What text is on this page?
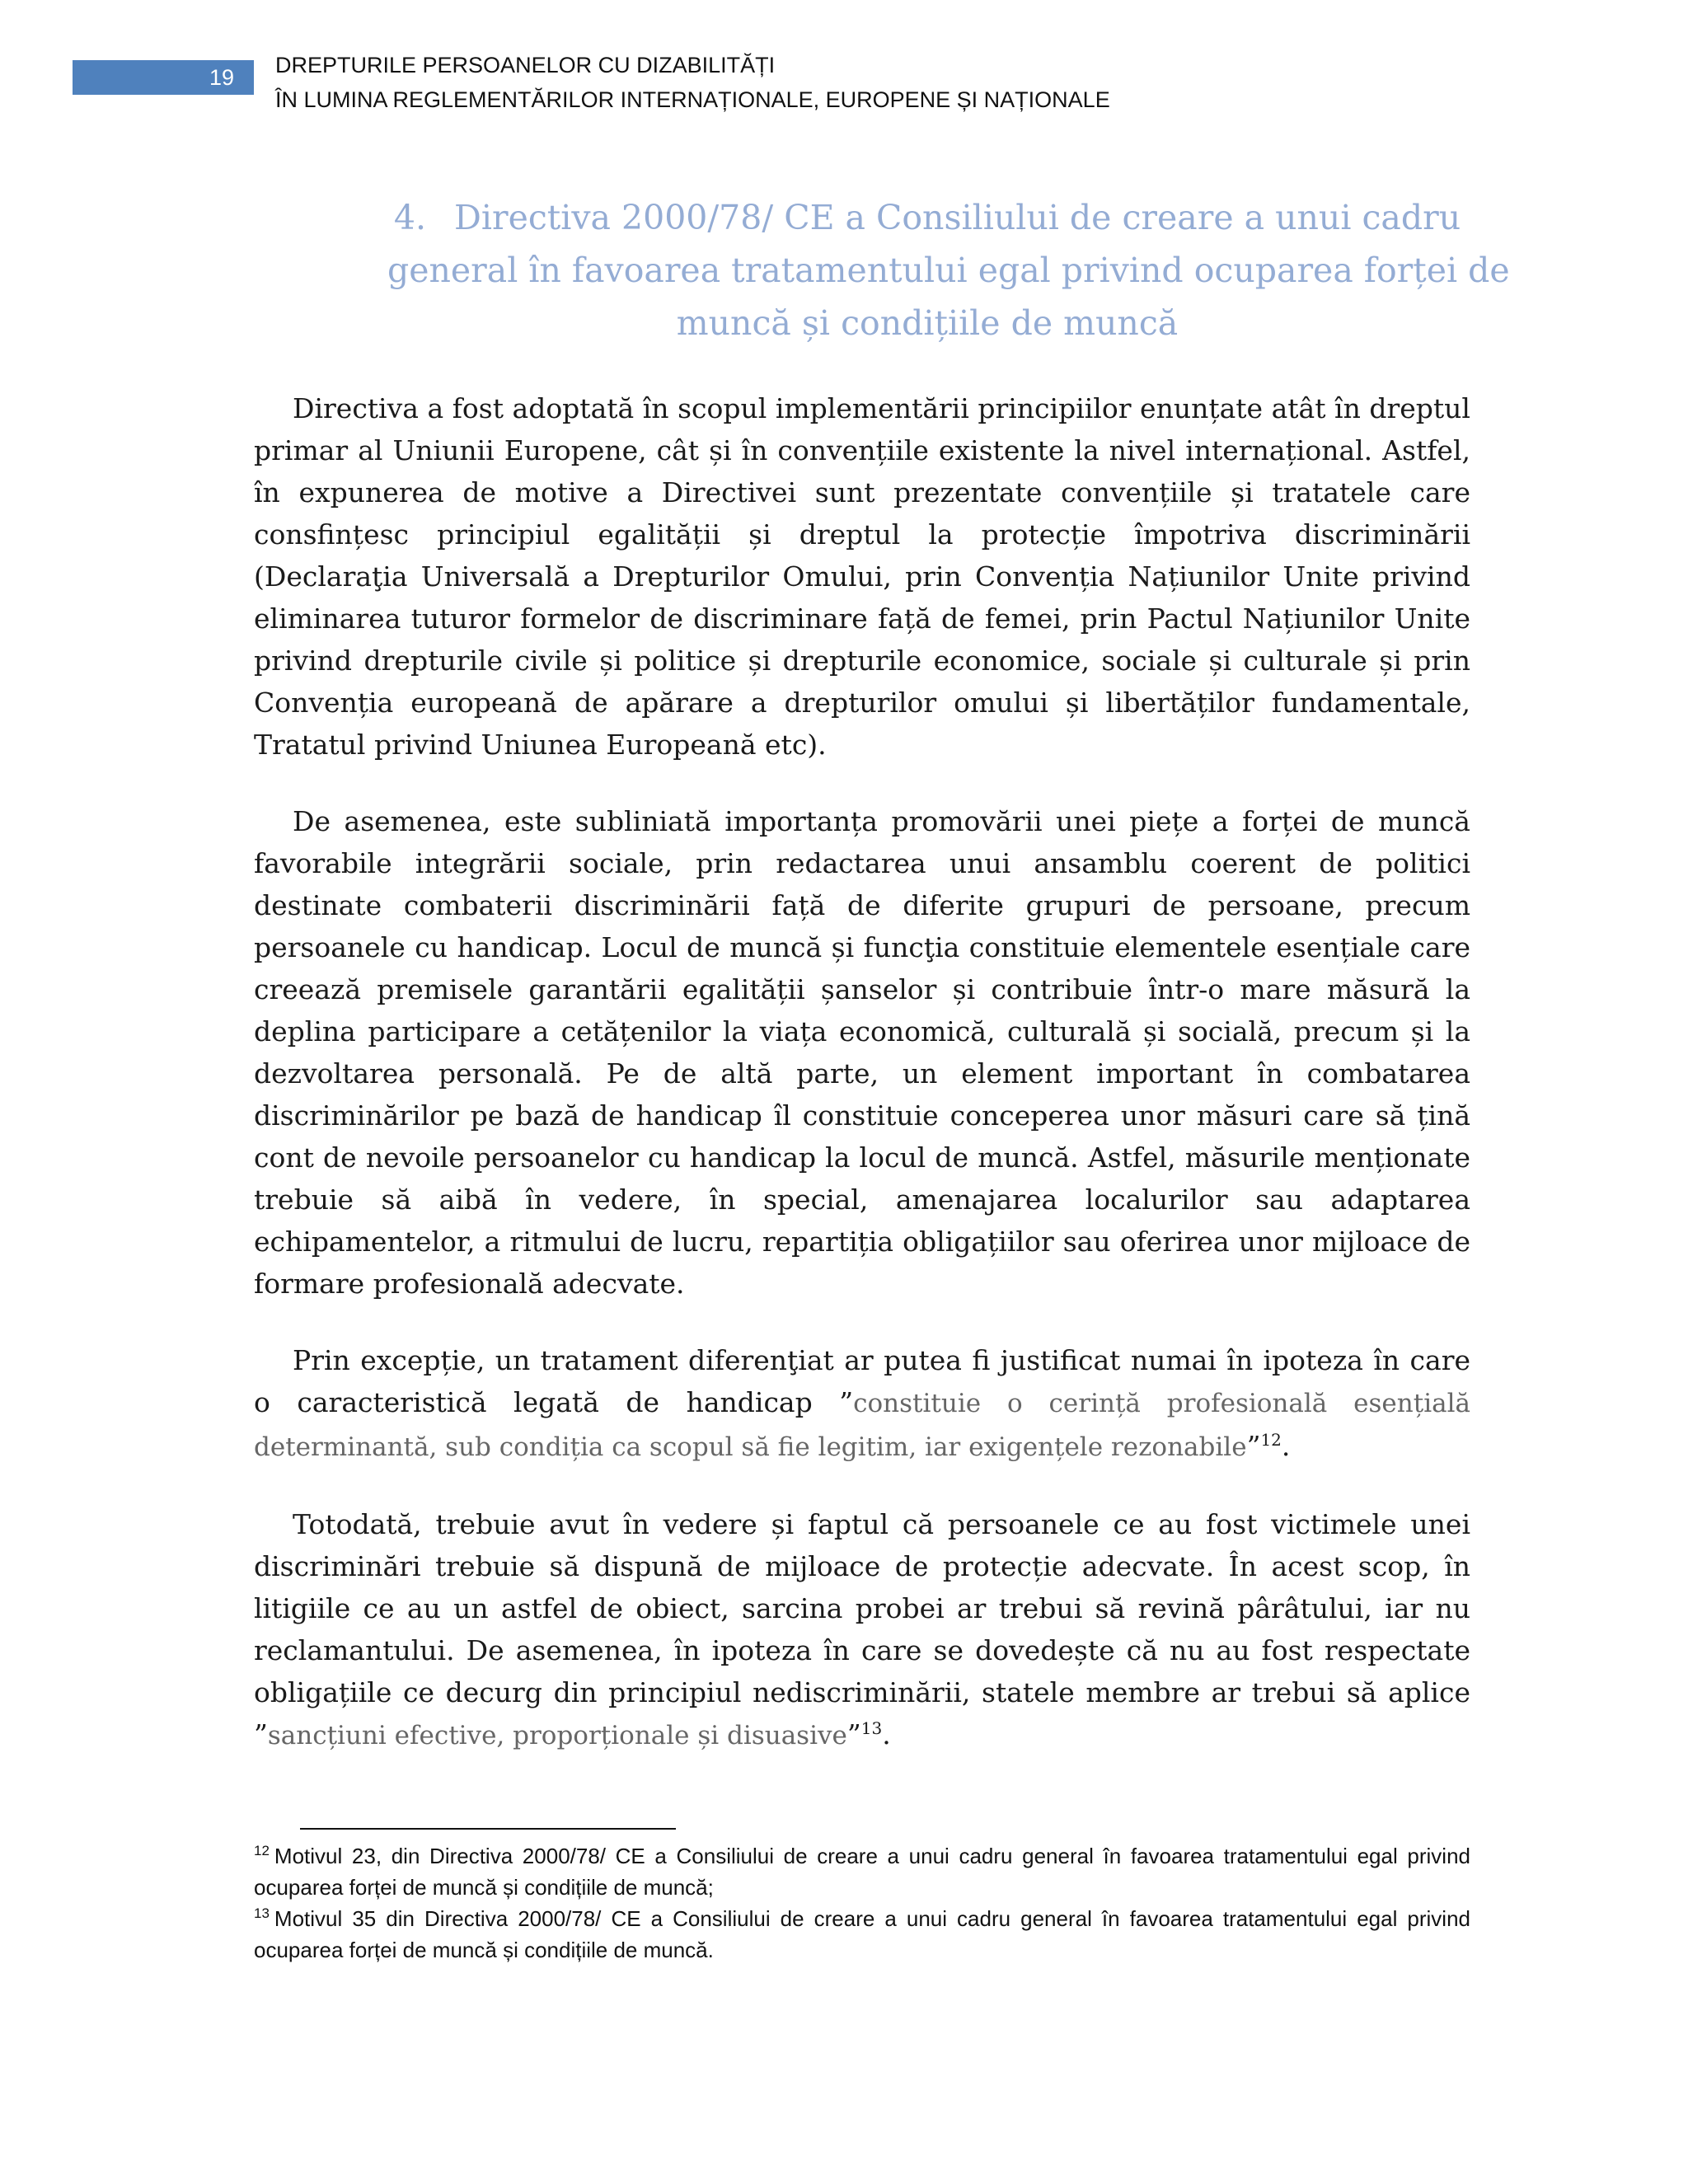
19 DREPTURILE PERSOANELOR CU DIZABILITĂȚI
ÎN LUMINA REGLEMENTĂRILOR INTERNAȚIONALE, EUROPENE ȘI NAȚIONALE
4. Directiva 2000/78/ CE a Consiliului de creare a unui cadru
general în favoarea tratamentului egal privind ocuparea forței de
muncă și condițiile de muncă

Directiva a fost adoptată în scopul implementării principiilor enunțate atât în dreptul primar al Uniunii Europene, cât și în convențiile existente la nivel internațional. Astfel, în expunerea de motive a Directivei sunt prezentate convențiile și tratatele care consfințesc principiul egalității și dreptul la protecție împotriva discriminării (Declaraţia Universală a Drepturilor Omului, prin Convenția Națiunilor Unite privind eliminarea tuturor formelor de discriminare față de femei, prin Pactul Națiunilor Unite privind drepturile civile și politice și drepturile economice, sociale și culturale și prin Convenția europeană de apărare a drepturilor omului și libertăților fundamentale, Tratatul privind Uniunea Europeană etc).

De asemenea, este subliniată importanța promovării unei piețe a forței de muncă favorabile integrării sociale, prin redactarea unui ansamblu coerent de politici destinate combaterii discriminării față de diferite grupuri de persoane, precum persoanele cu handicap. Locul de muncă și funcţia constituie elementele esențiale care creează premisele garantării egalității șanselor și contribuie într-o mare măsură la deplina participare a cetățenilor la viața economică, culturală și socială, precum și la dezvoltarea personală. Pe de altă parte, un element important în combatarea discriminărilor pe bază de handicap îl constituie conceperea unor măsuri care să țină cont de nevoile persoanelor cu handicap la locul de muncă. Astfel, măsurile menționate trebuie să aibă în vedere, în special, amenajarea localurilor sau adaptarea echipamentelor, a ritmului de lucru, repartiția obligațiilor sau oferirea unor mijloace de formare profesională adecvate.

Prin excepție, un tratament diferenţiat ar putea fi justificat numai în ipoteza în care o caracteristică legată de handicap ”constituie o cerință profesională esențială determinantă, sub condiția ca scopul să fie legitim, iar exigențele rezonabile”$^{12}$.

Totodată, trebuie avut în vedere și faptul că persoanele ce au fost victimele unei discriminări trebuie să dispună de mijloace de protecție adecvate. În acest scop, în litigiile ce au un astfel de obiect, sarcina probei ar trebui să revină pârâtului, iar nu reclamantului. De asemenea, în ipoteza în care se dovedește că nu au fost respectate obligațiile ce decurg din principiul nediscriminării, statele membre ar trebui să aplice ”sancțiuni efective, proporționale și disuasive”$^{13}$.

$^{12}$ Motivul 23, din Directiva 2000/78/ CE a Consiliului de creare a unui cadru general în favoarea tratamentului egal privind ocuparea forței de muncă și condițiile de muncă;

$^{13}$ Motivul 35 din Directiva 2000/78/ CE a Consiliului de creare a unui cadru general în favoarea tratamentului egal privind ocuparea forței de muncă și condițiile de muncă.
